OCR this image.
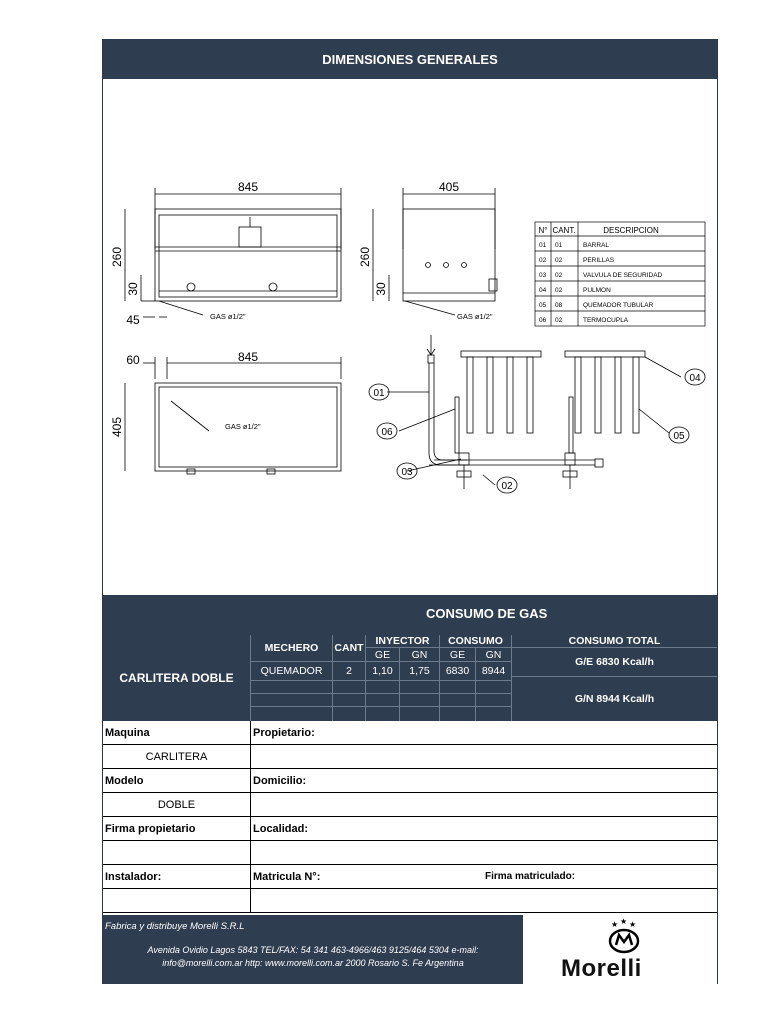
DIMENSIONES GENERALES
845	405
845
60
45
260
30
260
30
405
GAS ø1/2"	GAS ø1/2"
GAS ø1/2"
01
02
03
04
05
06
N° CANT.	DESCRIPCION
01 01	BARRAL
02 02	PERILLAS
03 02	VALVULA DE SEGURIDAD
04 02	PULMON
05 08	QUEMADOR TUBULAR
06 02	TERMOCUPLA
CONSUMO DE GAS
CARLITERA DOBLE
MECHERO	CANT
INYECTOR	CONSUMO
GE	GN	GE	GN
CONSUMO TOTAL
QUEMADOR	2	1,10	1,75	6830	8944
G/E 6830 Kcal/h
G/N 8944 Kcal/h
Maquina	Propietario:
CARLITERA
Modelo	Domicilio:
DOBLE
Firma propietario	Localidad:
Instalador:	Matricula N°:	Firma matriculado:
Fabrica y distribuye Morelli S.R.L
Avenida Ovidio Lagos 5843 TEL/FAX: 54 341 463-4966/463 9125/464 5304 e-mail:
info@morelli.com.ar http: www.morelli.com.ar 2000 Rosario S. Fe Argentina
★ ★ ★
Morelli
